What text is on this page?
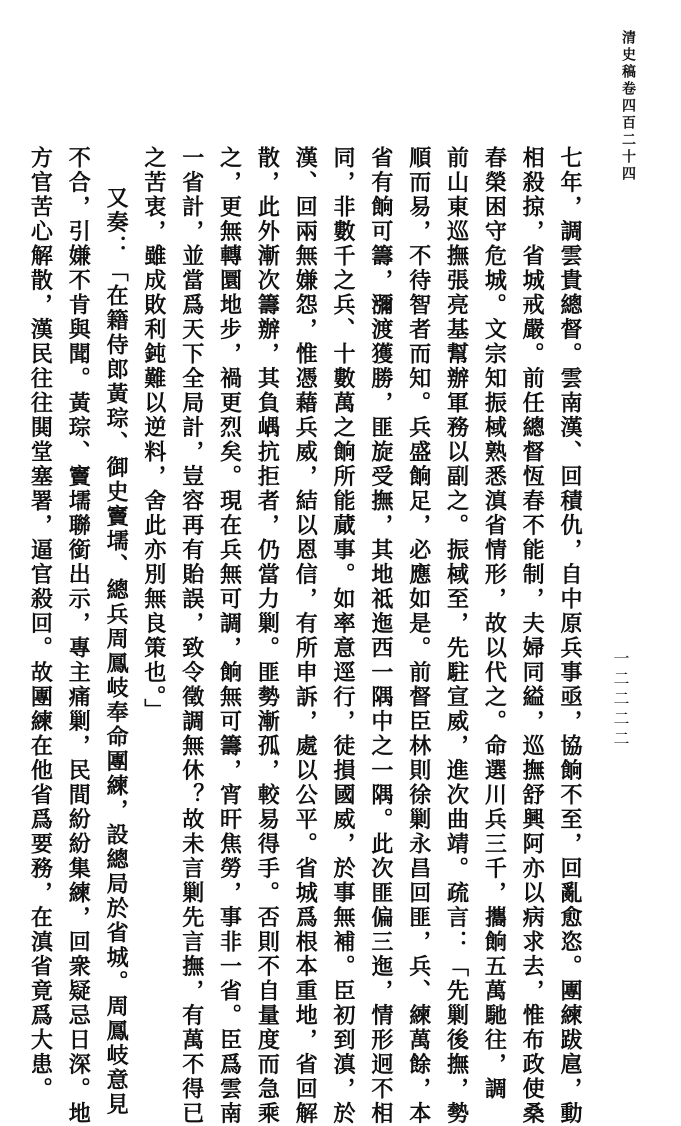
清史稿卷四百二十四
一二二二二
七年，調雲貴總督。雲南漢、回積仇，自中原兵事亟，協餉不至，回亂愈恣。團練跋扈，動
相殺掠，省城戒嚴。前任總督恆春不能制，夫婦同縊，巡撫舒興阿亦以病求去，惟布政使桑
春榮困守危城。文宗知振棫熟悉滇省情形，故以代之。命選川兵三千，攜餉五萬馳往，調
前山東巡撫張亮基幫辦軍務以副之。振棫至，先駐宣威，進次曲靖。疏言：「先剿後撫，勢
順而易，不待智者而知。兵盛餉足，必應如是。前督臣林則徐剿永昌回匪，兵、練萬餘，本
省有餉可籌，瀰渡獲勝，匪旋受撫，其地祗迤西一隅中之一隅。此次匪偏三迤，情形迥不相
同，非數千之兵、十數萬之餉所能蕆事。如率意逕行，徒損國威，於事無補。臣初到滇，於
漢、回兩無嫌怨，惟憑藉兵威，結以恩信，有所申訴，處以公平。省城爲根本重地，省回解
散，此外漸次籌辦，其負嵎抗拒者，仍當力剿。匪勢漸孤，較易得手。否則不自量度而急乘
之，更無轉圜地步，禍更烈矣。現在兵無可調，餉無可籌，宵旰焦勞，事非一省。臣爲雲南
一省計，並當爲天下全局計，豈容再有貽誤，致令徵調無休？故未言剿先言撫，有萬不得已
之苦衷，雖成敗利鈍難以逆料，舍此亦別無良策也。」
又奏：「在籍侍郎黃琮、御史竇壖、總兵周鳳岐奉命團練，設總局於省城。周鳳岐意見
不合，引嫌不肯與聞。黃琮、竇壖聯銜出示，專主痛剿，民間紛紛集練，回衆疑忌日深。地
方官苦心解散，漢民往往閧堂塞署，逼官殺回。故團練在他省爲要務，在滇省竟爲大患。
